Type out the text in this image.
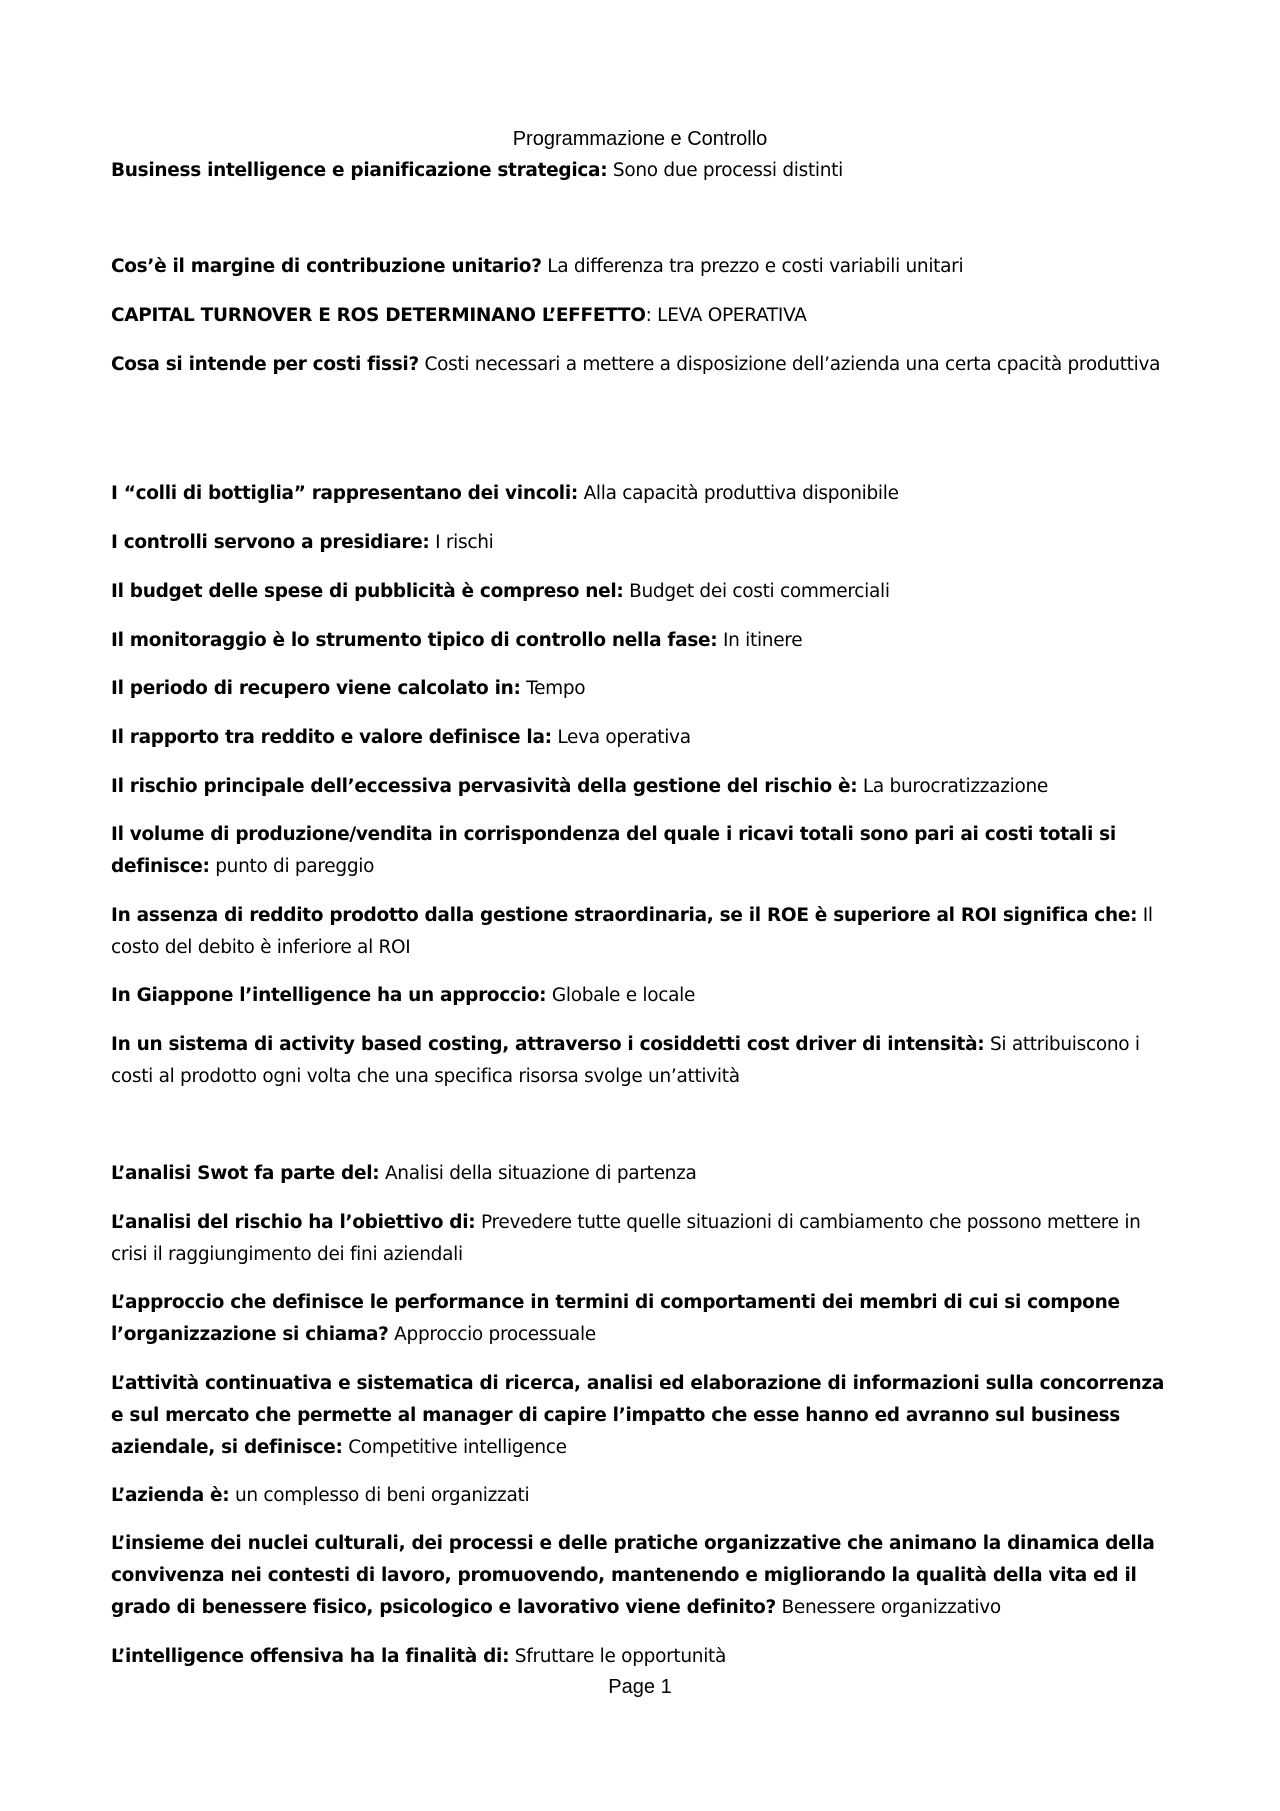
Programmazione e Controllo

Business intelligence e pianificazione strategica: Sono due processi distinti

Cos’è il margine di contribuzione unitario? La differenza tra prezzo e costi variabili unitari

CAPITAL TURNOVER E ROS DETERMINANO L’EFFETTO: LEVA OPERATIVA

Cosa si intende per costi fissi? Costi necessari a mettere a disposizione dell’azienda una certa cpacità produttiva

I “colli di bottiglia” rappresentano dei vincoli: Alla capacità produttiva disponibile

I controlli servono a presidiare: I rischi

Il budget delle spese di pubblicità è compreso nel: Budget dei costi commerciali

Il monitoraggio è lo strumento tipico di controllo nella fase: In itinere

Il periodo di recupero viene calcolato in: Tempo

Il rapporto tra reddito e valore definisce la: Leva operativa

Il rischio principale dell’eccessiva pervasività della gestione del rischio è: La burocratizzazione

Il volume di produzione/vendita in corrispondenza del quale i ricavi totali sono pari ai costi totali si definisce: punto di pareggio

In assenza di reddito prodotto dalla gestione straordinaria, se il ROE è superiore al ROI significa che: Il costo del debito è inferiore al ROI

In Giappone l’intelligence ha un approccio: Globale e locale

In un sistema di activity based costing, attraverso i cosiddetti cost driver di intensità: Si attribuiscono i costi al prodotto ogni volta che una specifica risorsa svolge un’attività

L’analisi Swot fa parte del: Analisi della situazione di partenza

L’analisi del rischio ha l’obiettivo di: Prevedere tutte quelle situazioni di cambiamento che possono mettere in crisi il raggiungimento dei fini aziendali

L’approccio che definisce le performance in termini di comportamenti dei membri di cui si compone l’organizzazione si chiama? Approccio processuale

L’attività continuativa e sistematica di ricerca, analisi ed elaborazione di informazioni sulla concorrenza e sul mercato che permette al manager di capire l’impatto che esse hanno ed avranno sul business aziendale, si definisce: Competitive intelligence

L’azienda è: un complesso di beni organizzati

L’insieme dei nuclei culturali, dei processi e delle pratiche organizzative che animano la dinamica della convivenza nei contesti di lavoro, promuovendo, mantenendo e migliorando la qualità della vita ed il grado di benessere fisico, psicologico e lavorativo viene definito? Benessere organizzativo

L’intelligence offensiva ha la finalità di: Sfruttare le opportunità

Page 1
